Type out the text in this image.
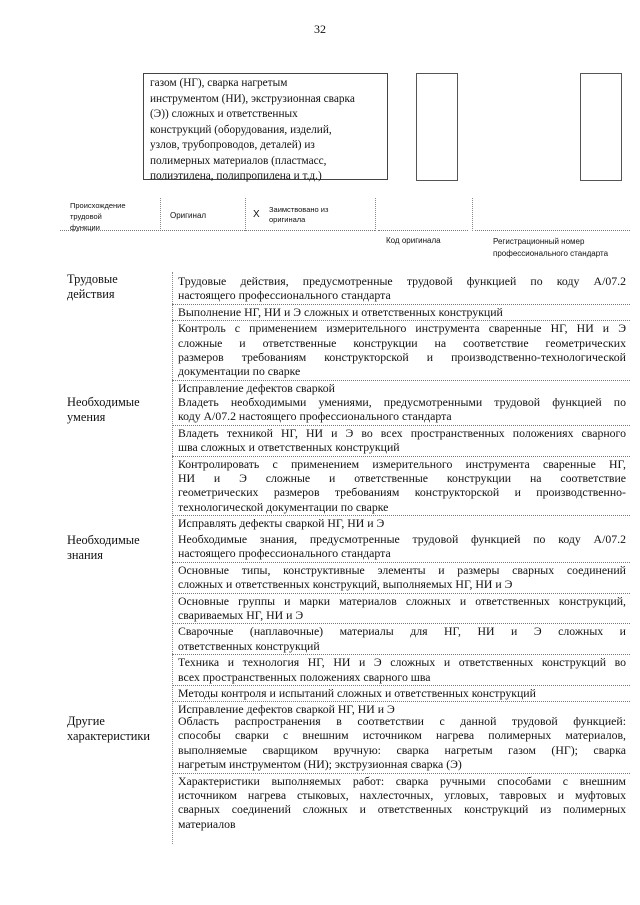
32
газом (НГ), сварка нагретым
инструментом (НИ), экструзионная сварка
(Э)) сложных и ответственных
конструкций (оборудования, изделий,
узлов, трубопроводов, деталей) из
полимерных материалов (пластмасс,
полиэтилена, полипропилена и т.д.)
Происхождение
трудовой
функции
Оригинал	X Заимствовано из
оригинала
Код оригинала	Регистрационный номер
профессионального стандарта
Трудовые
действия
Трудовые действия, предусмотренные трудовой функцией по коду А/07.2
настоящего профессионального стандарта
Выполнение НГ, НИ и Э сложных и ответственных конструкций
Контроль с применением измерительного инструмента сваренные НГ, НИ и Э
сложные и ответственные конструкции на соответствие геометрических
размеров требованиям конструкторской и производственно-технологической
документации по сварке
Исправление дефектов сваркой
Необходимые
умения
Владеть необходимыми умениями, предусмотренными трудовой функцией по
коду А/07.2 настоящего профессионального стандарта
Владеть техникой НГ, НИ и Э во всех пространственных положениях сварного
шва сложных и ответственных конструкций
Контролировать с применением измерительного инструмента сваренные НГ,
НИ и Э сложные и ответственные конструкции на соответствие
геометрических размеров требованиям конструкторской и производственно-
технологической документации по сварке
Исправлять дефекты сваркой НГ, НИ и Э
Необходимые
знания
Необходимые знания, предусмотренные трудовой функцией по коду А/07.2
настоящего профессионального стандарта
Основные типы, конструктивные элементы и размеры сварных соединений
сложных и ответственных конструкций, выполняемых НГ, НИ и Э
Основные группы и марки материалов сложных и ответственных конструкций,
свариваемых НГ, НИ и Э
Сварочные (наплавочные) материалы для НГ, НИ и Э сложных и
ответственных конструкций
Техника и технология НГ, НИ и Э сложных и ответственных конструкций во
всех пространственных положениях сварного шва
Методы контроля и испытаний сложных и ответственных конструкций
Исправление дефектов сваркой НГ, НИ и Э
Другие
характеристики
Область распространения в соответствии с данной трудовой функцией:
способы сварки с внешним источником нагрева полимерных материалов,
выполняемые сварщиком вручную: сварка нагретым газом (НГ); сварка
нагретым инструментом (НИ); экструзионная сварка (Э)
Характеристики выполняемых работ: сварка ручными способами с внешним
источником нагрева стыковых, нахлесточных, угловых, тавровых и муфтовых
сварных соединений сложных и ответственных конструкций из полимерных
материалов
